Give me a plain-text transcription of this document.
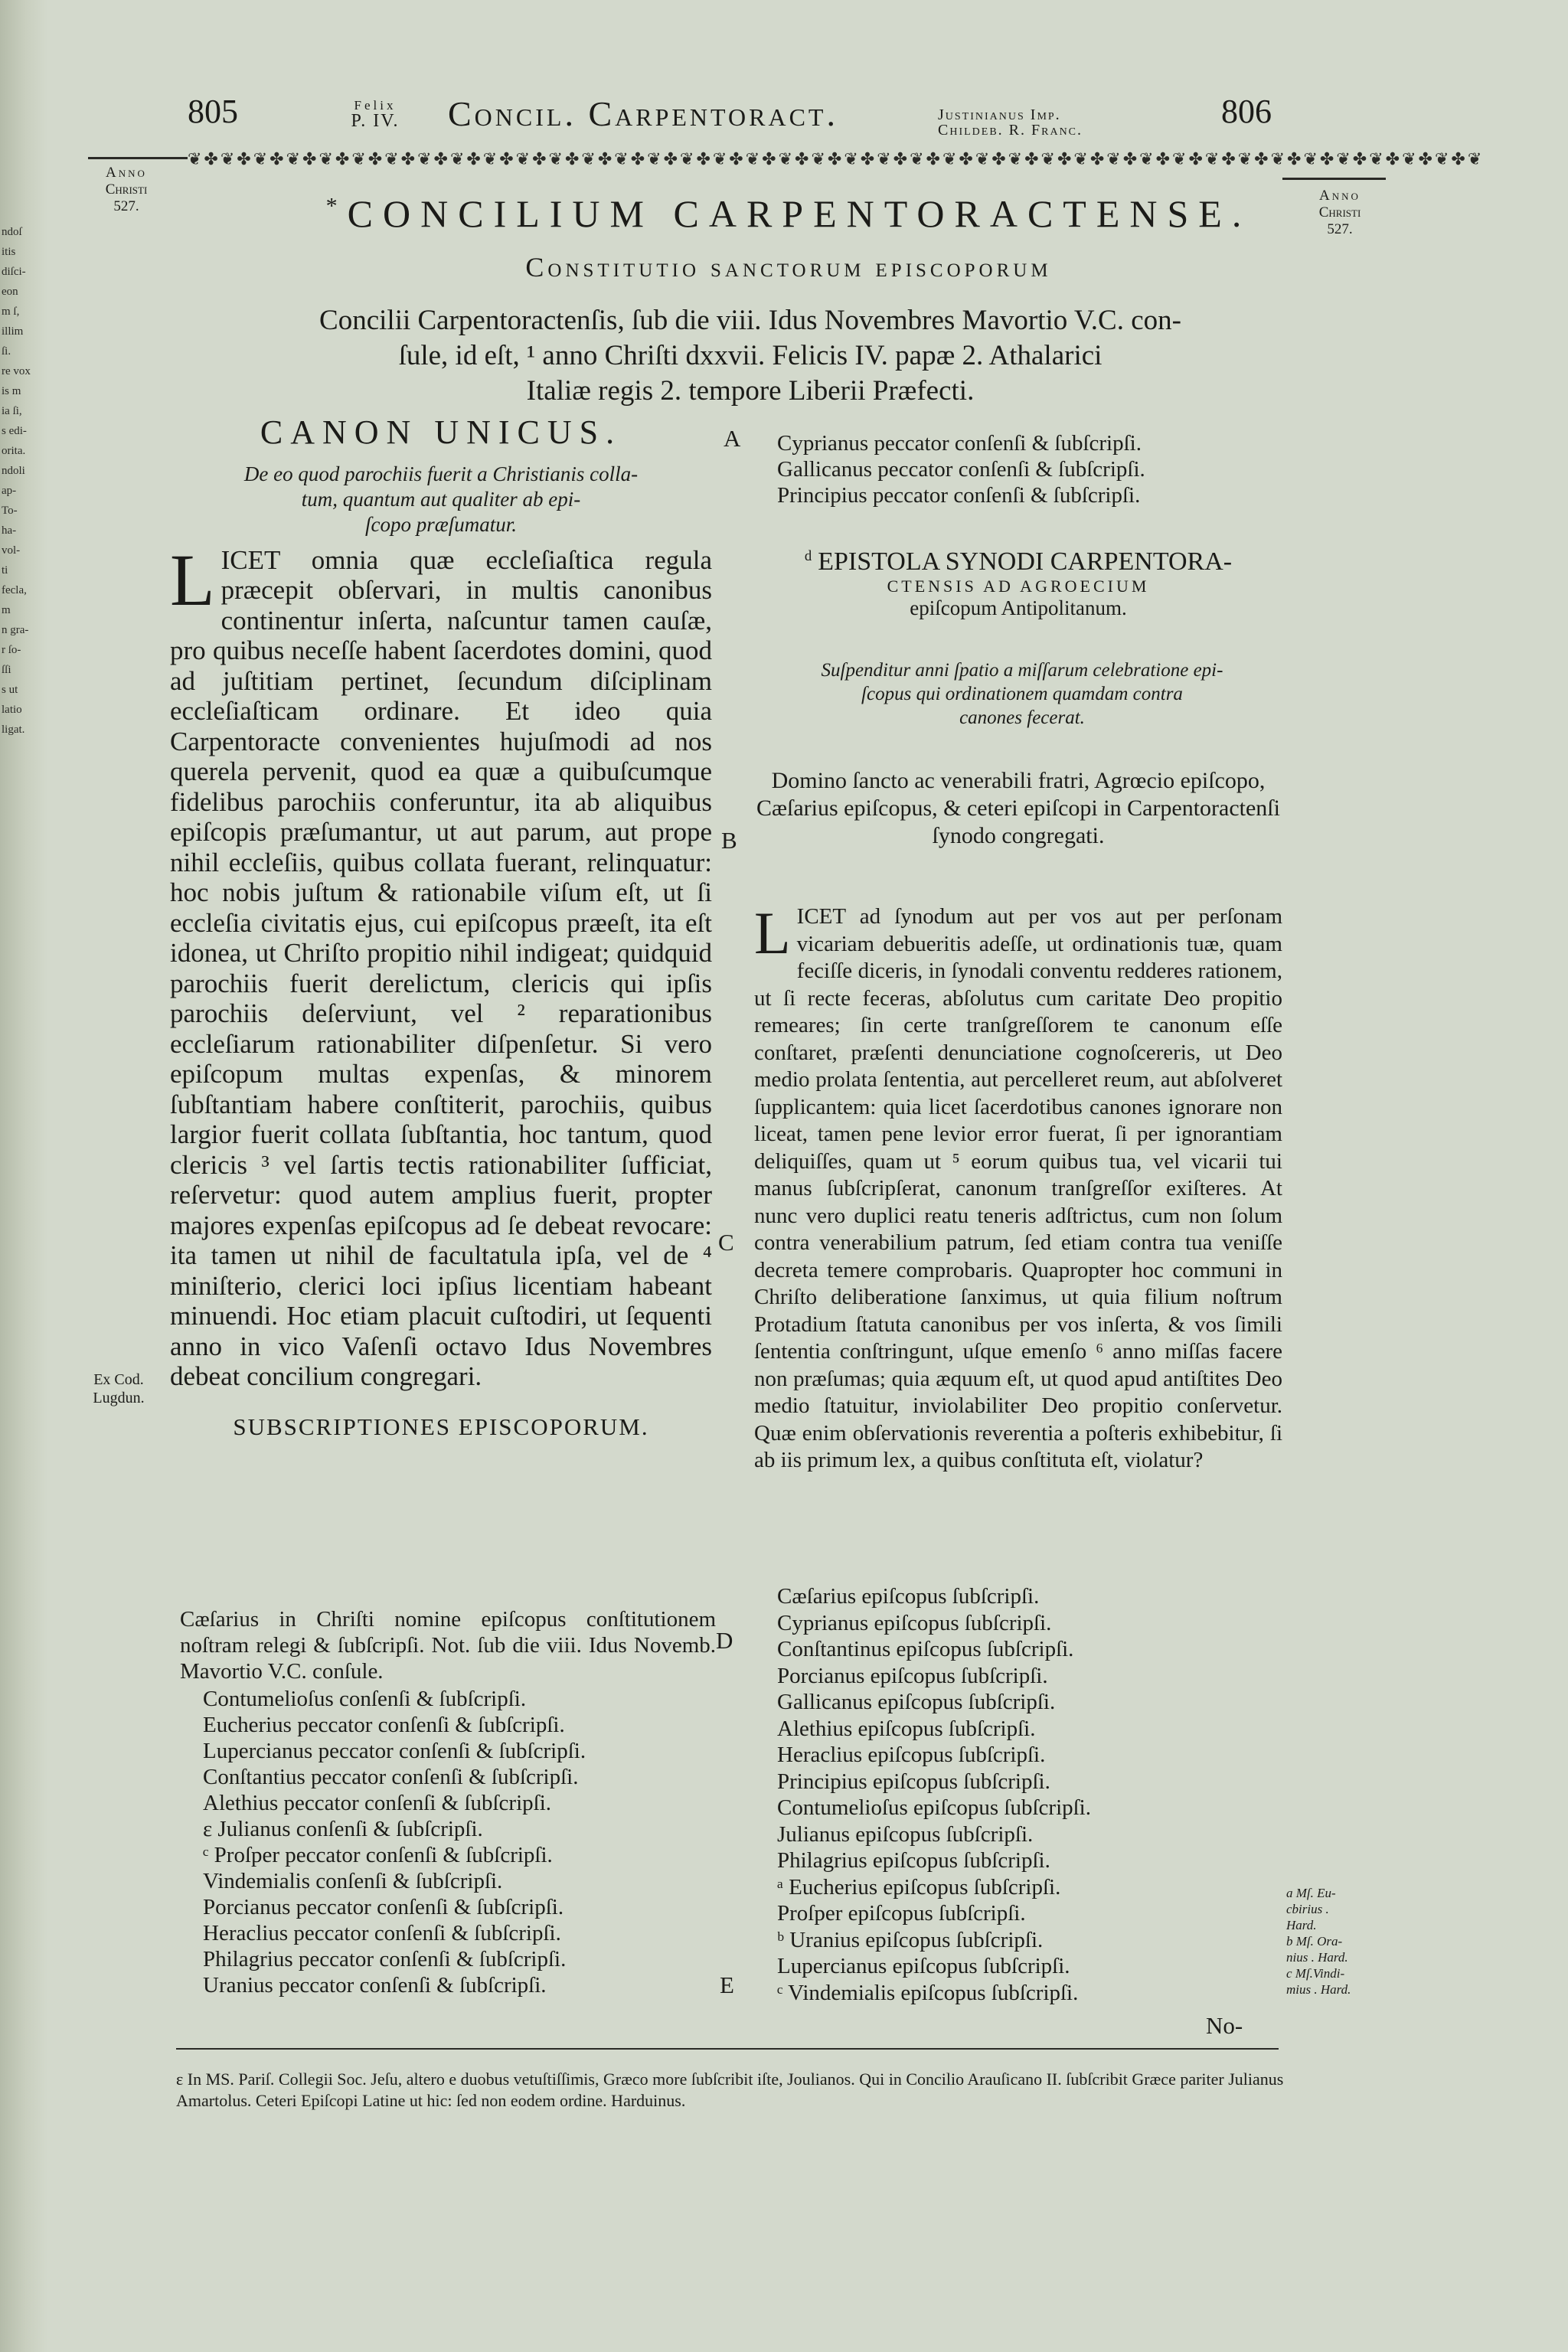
ndoſ
itis
diſci-
eon
m ſ,
illim
ſi.
re vox
is m
ia ſi,
s edi-
orita.
ndoli
ap-
To-
ha-
vol-
ti
fecla,
m
n gra-
r ſo-
ſſi
s ut
latio
ligat.
805	Felix
P. IV.	Concil. Carpentoract.	Justinianus Imp.
Childeb. R. Franc.	806
❦✤❦✤❦✤❦✤❦✤❦✤❦✤❦✤❦✤❦✤❦✤❦✤❦✤❦✤❦✤❦✤❦✤❦✤❦✤❦✤❦✤❦✤❦✤❦✤❦✤❦✤❦✤❦✤❦✤❦✤❦✤❦✤❦✤❦✤❦✤❦✤❦✤❦✤❦✤❦
Anno
Christi
527.
Anno
Christi
527.
*CONCILIUM CARPENTORACTENSE.
Constitutio sanctorum episcoporum
Concilii Carpentoractenſis, ſub die viii. Idus Novembres Mavortio V.C. con-
ſule, id eſt, ¹ anno Chriſti dxxvii. Felicis IV. papæ 2. Athalarici
Italiæ regis 2. tempore Liberii Præfecti.
CANON UNICUS.
De eo quod parochiis fuerit a Christianis colla-
tum, quantum aut qualiter ab epi-
ſcopo præſumatur.

LICET omnia quæ eccleſiaſtica regula præcepit obſervari, in multis canonibus continentur inſerta, naſcuntur tamen cauſæ, pro quibus neceſſe habent ſacerdotes domini, quod ad juſtitiam pertinet, ſecundum diſciplinam eccleſiaſticam ordinare. Et ideo quia Carpentoracte convenientes hujuſmodi ad nos querela pervenit, quod ea quæ a quibuſcumque fidelibus parochiis conferuntur, ita ab aliquibus epiſcopis præſumantur, ut aut parum, aut prope nihil eccleſiis, quibus collata fuerant, relinquatur: hoc nobis juſtum & rationabile viſum eſt, ut ſi eccleſia civitatis ejus, cui epiſcopus præeſt, ita eſt idonea, ut Chriſto propitio nihil indigeat; quidquid parochiis fuerit derelictum, clericis qui ipſis parochiis deſerviunt, vel ² reparationibus eccleſiarum rationabiliter diſpenſetur. Si vero epiſcopum multas expenſas, & minorem ſubſtantiam habere conſtiterit, parochiis, quibus largior fuerit collata ſubſtantia, hoc tantum, quod clericis ³ vel ſartis tectis rationabiliter ſufficiat, reſervetur: quod autem amplius fuerit, propter majores expenſas epiſcopus ad ſe debeat revocare: ita tamen ut nihil de facultatula ipſa, vel de ⁴ miniſterio, clerici loci ipſius licentiam habeant minuendi. Hoc etiam placuit cuſtodiri, ut ſequenti anno in vico Vaſenſi octavo Idus Novembres debeat concilium congregari.

SUBSCRIPTIONES EPISCOPORUM.

Cæſarius in Chriſti nomine epiſcopus conſtitutionem noſtram relegi & ſubſcripſi. Not. ſub die viii. Idus Novemb. Mavortio V.C. conſule.

Contumelioſus conſenſi & ſubſcripſi.
Eucherius peccator conſenſi & ſubſcripſi.
Lupercianus peccator conſenſi & ſubſcripſi.
Conſtantius peccator conſenſi & ſubſcripſi.
Alethius peccator conſenſi & ſubſcripſi.
ε Julianus conſenſi & ſubſcripſi.
ᶜ Proſper peccator conſenſi & ſubſcripſi.
Vindemialis conſenſi & ſubſcripſi.
Porcianus peccator conſenſi & ſubſcripſi.
Heraclius peccator conſenſi & ſubſcripſi.
Philagrius peccator conſenſi & ſubſcripſi.
Uranius peccator conſenſi & ſubſcripſi.
A
B
C
D
E
Cyprianus peccator conſenſi & ſubſcripſi.
Gallicanus peccator conſenſi & ſubſcripſi.
Principius peccator conſenſi & ſubſcripſi.
$^d$ EPISTOLA SYNODI CARPENTORA-
CTENSIS AD AGROECIUM
epiſcopum Antipolitanum.
Suſpenditur anni ſpatio a miſſarum celebratione epi-
ſcopus qui ordinationem quamdam contra
canones fecerat.
Domino ſancto ac venerabili fratri, Agrœcio epiſcopo, Cæſarius epiſcopus, & ceteri epiſcopi in Carpentoractenſi ſynodo congregati.

LICET ad ſynodum aut per vos aut per perſonam vicariam debueritis adeſſe, ut ordinationis tuæ, quam feciſſe diceris, in ſynodali conventu redderes rationem, ut ſi recte feceras, abſolutus cum caritate Deo propitio remeares; ſin certe tranſgreſſorem te canonum eſſe conſtaret, præſenti denunciatione cognoſcereris, ut Deo medio prolata ſententia, aut percelleret reum, aut abſolveret ſupplicantem: quia licet ſacerdotibus canones ignorare non liceat, tamen pene levior error fuerat, ſi per ignorantiam deliquiſſes, quam ut ⁵ eorum quibus tua, vel vicarii tui manus ſubſcripſerat, canonum tranſgreſſor exiſteres. At nunc vero duplici reatu teneris adſtrictus, cum non ſolum contra venerabilium patrum, ſed etiam contra tua veniſſe decreta temere comprobaris. Quapropter hoc communi in Chriſto deliberatione ſanximus, ut quia filium noſtrum Protadium ſtatuta canonibus per vos inſerta, & vos ſimili ſententia conſtringunt, uſque emenſo ⁶ anno miſſas facere non præſumas; quia æquum eſt, ut quod apud antiſtites Deo medio ſtatuitur, inviolabiliter Deo propitio conſervetur. Quæ enim obſervationis reverentia a poſteris exhibebitur, ſi ab iis primum lex, a quibus conſtituta eſt, violatur?

Cæſarius epiſcopus ſubſcripſi.
Cyprianus epiſcopus ſubſcripſi.
Conſtantinus epiſcopus ſubſcripſi.
Porcianus epiſcopus ſubſcripſi.
Gallicanus epiſcopus ſubſcripſi.
Alethius epiſcopus ſubſcripſi.
Heraclius epiſcopus ſubſcripſi.
Principius epiſcopus ſubſcripſi.
Contumelioſus epiſcopus ſubſcripſi.
Julianus epiſcopus ſubſcripſi.
Philagrius epiſcopus ſubſcripſi.
ᵃ Eucherius epiſcopus ſubſcripſi.
Proſper epiſcopus ſubſcripſi.
ᵇ Uranius epiſcopus ſubſcripſi.
Lupercianus epiſcopus ſubſcripſi.
ᶜ Vindemialis epiſcopus ſubſcripſi.
a Mſ. Eu-
cbirius .
Hard.
b Mſ. Ora-
nius . Hard.
c Mſ.Vindi-
mius . Hard.
Ex Cod. Lugdun.
No-
ε In MS. Pariſ. Collegii Soc. Jeſu, altero e duobus vetuſtiſſimis, Græco more ſubſcribit iſte, Joulianos. Qui in Concilio Arauſicano II. ſubſcribit Græce pariter Julianus Amartolus. Ceteri Epiſcopi Latine ut hic: ſed non eodem ordine. Harduinus.
